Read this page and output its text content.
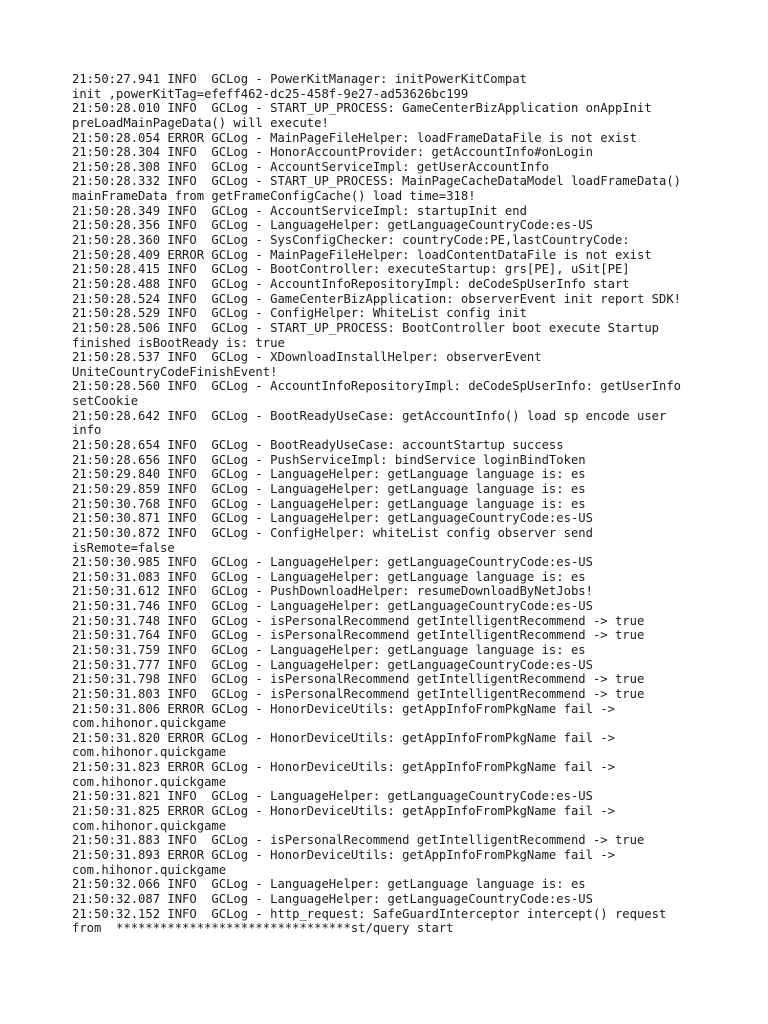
21:50:27.941 INFO  GCLog - PowerKitManager: initPowerKitCompat
init ,powerKitTag=efeff462-dc25-458f-9e27-ad53626bc199
21:50:28.010 INFO  GCLog - START_UP_PROCESS: GameCenterBizApplication onAppInit
preLoadMainPageData() will execute!
21:50:28.054 ERROR GCLog - MainPageFileHelper: loadFrameDataFile is not exist
21:50:28.304 INFO  GCLog - HonorAccountProvider: getAccountInfo#onLogin
21:50:28.308 INFO  GCLog - AccountServiceImpl: getUserAccountInfo
21:50:28.332 INFO  GCLog - START_UP_PROCESS: MainPageCacheDataModel loadFrameData()
mainFrameData from getFrameConfigCache() load time=318!
21:50:28.349 INFO  GCLog - AccountServiceImpl: startupInit end
21:50:28.356 INFO  GCLog - LanguageHelper: getLanguageCountryCode:es-US
21:50:28.360 INFO  GCLog - SysConfigChecker: countryCode:PE,lastCountryCode:
21:50:28.409 ERROR GCLog - MainPageFileHelper: loadContentDataFile is not exist
21:50:28.415 INFO  GCLog - BootController: executeStartup: grs[PE], uSit[PE]
21:50:28.488 INFO  GCLog - AccountInfoRepositoryImpl: deCodeSpUserInfo start
21:50:28.524 INFO  GCLog - GameCenterBizApplication: observerEvent init report SDK!
21:50:28.529 INFO  GCLog - ConfigHelper: WhiteList config init
21:50:28.506 INFO  GCLog - START_UP_PROCESS: BootController boot execute Startup
finished isBootReady is: true
21:50:28.537 INFO  GCLog - XDownloadInstallHelper: observerEvent
UniteCountryCodeFinishEvent!
21:50:28.560 INFO  GCLog - AccountInfoRepositoryImpl: deCodeSpUserInfo: getUserInfo
setCookie
21:50:28.642 INFO  GCLog - BootReadyUseCase: getAccountInfo() load sp encode user
info
21:50:28.654 INFO  GCLog - BootReadyUseCase: accountStartup success
21:50:28.656 INFO  GCLog - PushServiceImpl: bindService loginBindToken
21:50:29.840 INFO  GCLog - LanguageHelper: getLanguage language is: es
21:50:29.859 INFO  GCLog - LanguageHelper: getLanguage language is: es
21:50:30.768 INFO  GCLog - LanguageHelper: getLanguage language is: es
21:50:30.871 INFO  GCLog - LanguageHelper: getLanguageCountryCode:es-US
21:50:30.872 INFO  GCLog - ConfigHelper: whiteList config observer send
isRemote=false
21:50:30.985 INFO  GCLog - LanguageHelper: getLanguageCountryCode:es-US
21:50:31.083 INFO  GCLog - LanguageHelper: getLanguage language is: es
21:50:31.612 INFO  GCLog - PushDownloadHelper: resumeDownloadByNetJobs!
21:50:31.746 INFO  GCLog - LanguageHelper: getLanguageCountryCode:es-US
21:50:31.748 INFO  GCLog - isPersonalRecommend getIntelligentRecommend -> true
21:50:31.764 INFO  GCLog - isPersonalRecommend getIntelligentRecommend -> true
21:50:31.759 INFO  GCLog - LanguageHelper: getLanguage language is: es
21:50:31.777 INFO  GCLog - LanguageHelper: getLanguageCountryCode:es-US
21:50:31.798 INFO  GCLog - isPersonalRecommend getIntelligentRecommend -> true
21:50:31.803 INFO  GCLog - isPersonalRecommend getIntelligentRecommend -> true
21:50:31.806 ERROR GCLog - HonorDeviceUtils: getAppInfoFromPkgName fail ->
com.hihonor.quickgame
21:50:31.820 ERROR GCLog - HonorDeviceUtils: getAppInfoFromPkgName fail ->
com.hihonor.quickgame
21:50:31.823 ERROR GCLog - HonorDeviceUtils: getAppInfoFromPkgName fail ->
com.hihonor.quickgame
21:50:31.821 INFO  GCLog - LanguageHelper: getLanguageCountryCode:es-US
21:50:31.825 ERROR GCLog - HonorDeviceUtils: getAppInfoFromPkgName fail ->
com.hihonor.quickgame
21:50:31.883 INFO  GCLog - isPersonalRecommend getIntelligentRecommend -> true
21:50:31.893 ERROR GCLog - HonorDeviceUtils: getAppInfoFromPkgName fail ->
com.hihonor.quickgame
21:50:32.066 INFO  GCLog - LanguageHelper: getLanguage language is: es
21:50:32.087 INFO  GCLog - LanguageHelper: getLanguageCountryCode:es-US
21:50:32.152 INFO  GCLog - http_request: SafeGuardInterceptor intercept() request
from  ********************************st/query start
